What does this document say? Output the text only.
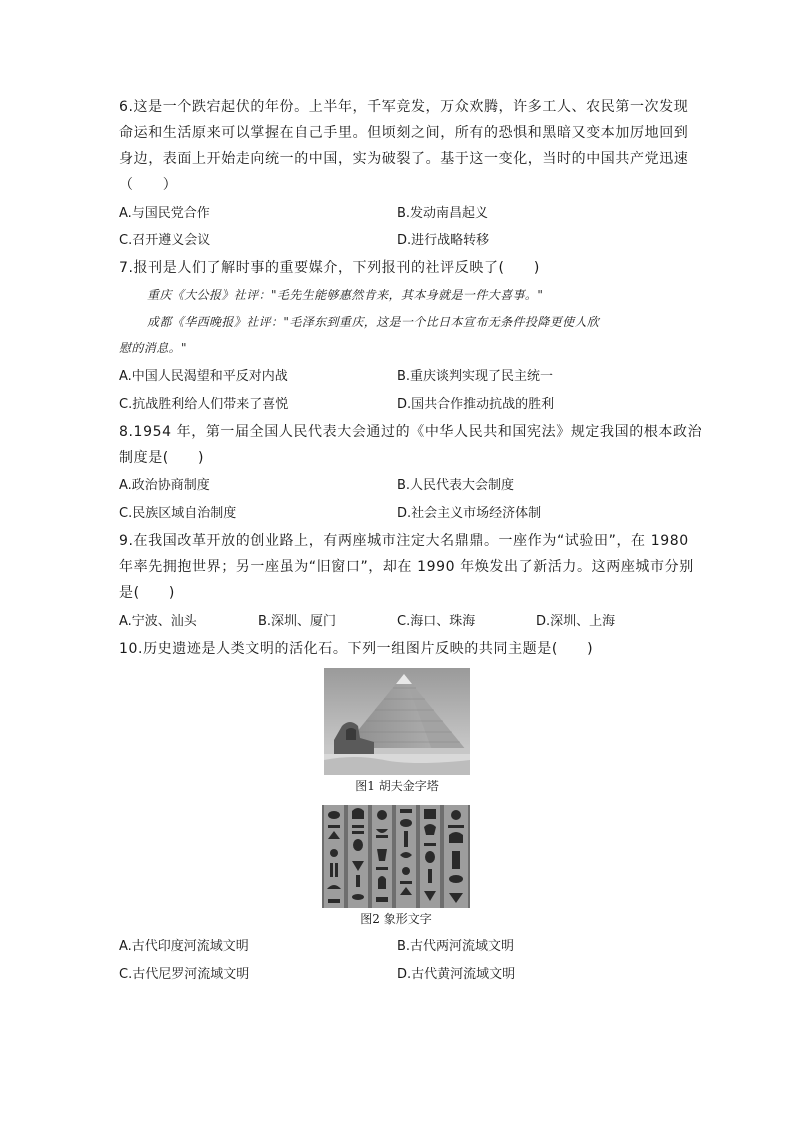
6.这是一个跌宕起伏的年份。上半年，千军竞发，万众欢腾，许多工人、农民第一次发现
命运和生活原来可以掌握在自己手里。但顷刻之间，所有的恐惧和黑暗又变本加厉地回到
身边，表面上开始走向统一的中国，实为破裂了。基于这一变化，当时的中国共产党迅速
（　　）
A.与国民党合作	B.发动南昌起义
C.召开遵义会议	D.进行战略转移
7.报刊是人们了解时事的重要媒介，下列报刊的社评反映了(　　)
重庆《大公报》社评："毛先生能够惠然肯来，其本身就是一件大喜事。"
成都《华西晚报》社评："毛泽东到重庆，这是一个比日本宣布无条件投降更使人欣
慰的消息。"
A.中国人民渴望和平反对内战	B.重庆谈判实现了民主统一
C.抗战胜利给人们带来了喜悦	D.国共合作推动抗战的胜利
8.1954 年，第一届全国人民代表大会通过的《中华人民共和国宪法》规定我国的根本政治
制度是(　　)
A.政治协商制度	B.人民代表大会制度
C.民族区域自治制度	D.社会主义市场经济体制
9.在我国改革开放的创业路上，有两座城市注定大名鼎鼎。一座作为“试验田”，在 1980
年率先拥抱世界；另一座虽为“旧窗口”，却在 1990 年焕发出了新活力。这两座城市分别
是(　　)
A.宁波、汕头	B.深圳、厦门	C.海口、珠海	D.深圳、上海
10.历史遗迹是人类文明的活化石。下列一组图片反映的共同主题是(　　)
图1 胡夫金字塔
图2 象形文字
A.古代印度河流域文明	B.古代两河流域文明
C.古代尼罗河流域文明	D.古代黄河流域文明
